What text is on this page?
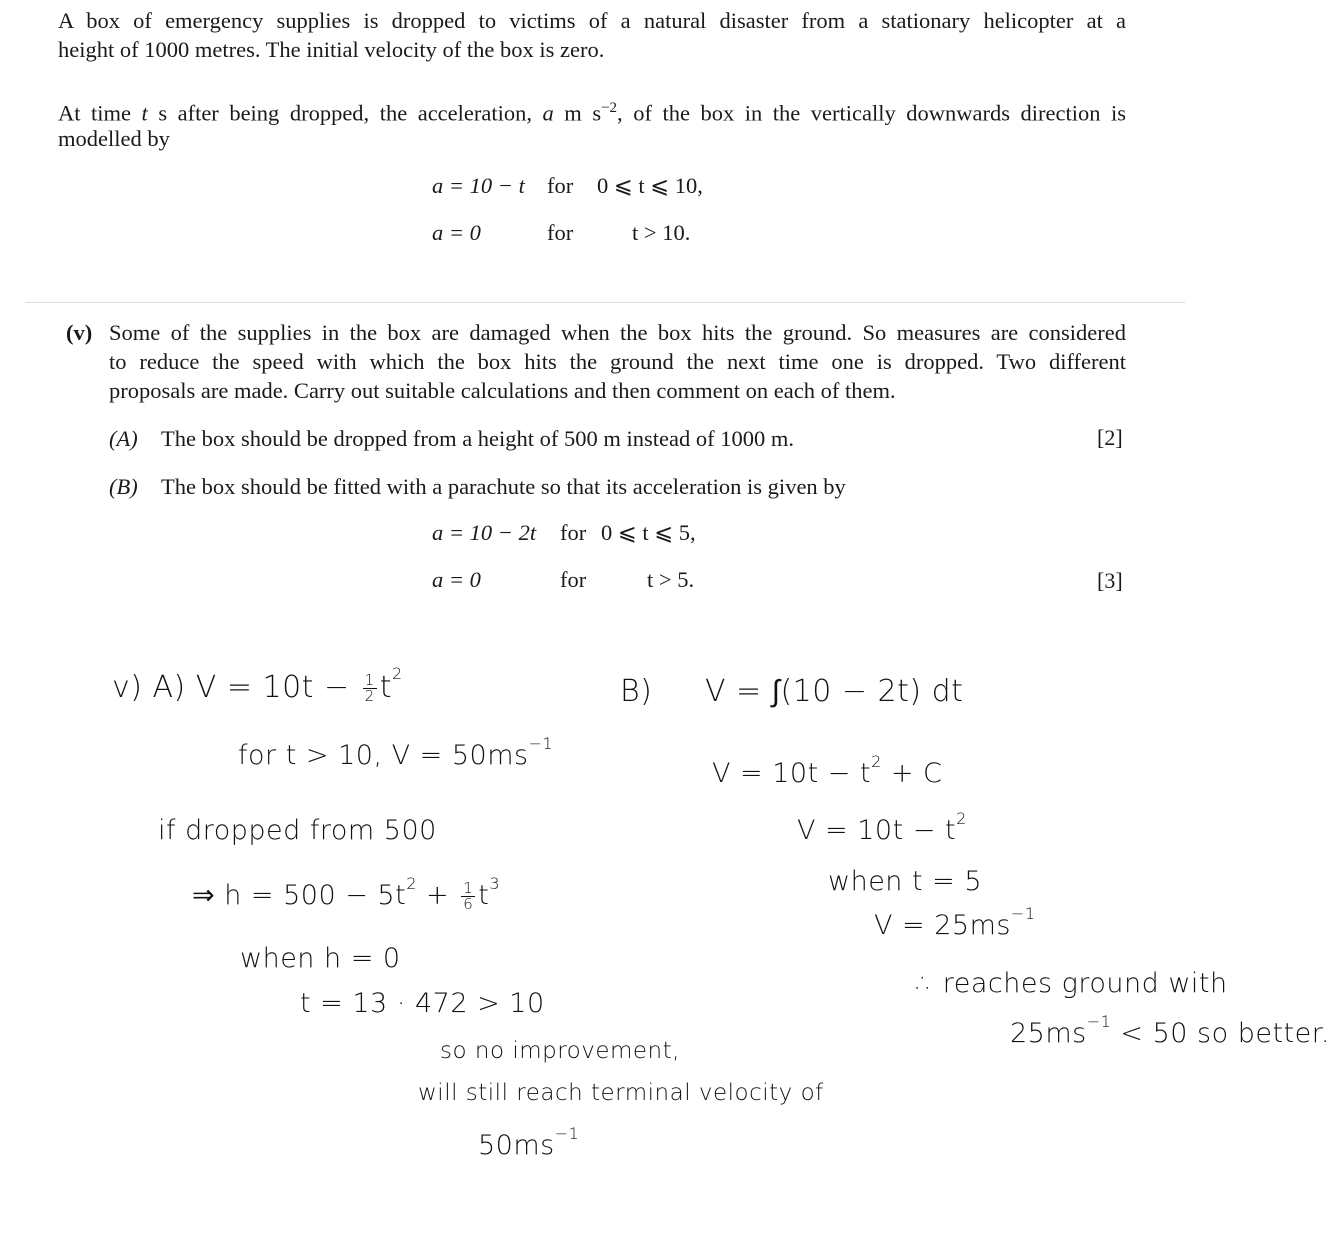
A box of emergency supplies is dropped to victims of a natural disaster from a stationary helicopter at a
height of 1000 metres. The initial velocity of the box is zero.
At time t s after being dropped, the acceleration, a m $s^{-2}$, of the box in the vertically downwards direction is
modelled by
a = 10 − t for 0 ⩽ t ⩽ 10,
a = 0	for	t > 10.
(v) Some of the supplies in the box are damaged when the box hits the ground. So measures are considered
to reduce the speed with which the box hits the ground the next time one is dropped. Two different
proposals are made. Carry out suitable calculations and then comment on each of them.
(A) The box should be dropped from a height of 500 m instead of 1000 m.	[2]
(B) The box should be fitted with a parachute so that its acceleration is given by
a = 10 − 2t for 0 ⩽ t ⩽ 5,
a = 0	for	t > 5.	[3]
v) A) $V = 10t - \frac{1}{2} t^2$
for t > 10, $V = 50ms^{-1}$
if dropped from 500
⇒ $h = 500 - 5t^2 + \frac{1}{6} t^3$
when h = 0
t = 13 · 472 > 10
so no improvement,
will still reach terminal velocity of
$50ms^{-1}$
B) V = ∫(10 − 2t) dt
$V = 10t - t^2 + C$
$V = 10t - t^2$
when t = 5
$V = 25ms^{-1}$
∴ reaches ground with
$25ms^{-1} < 50$ so better.
